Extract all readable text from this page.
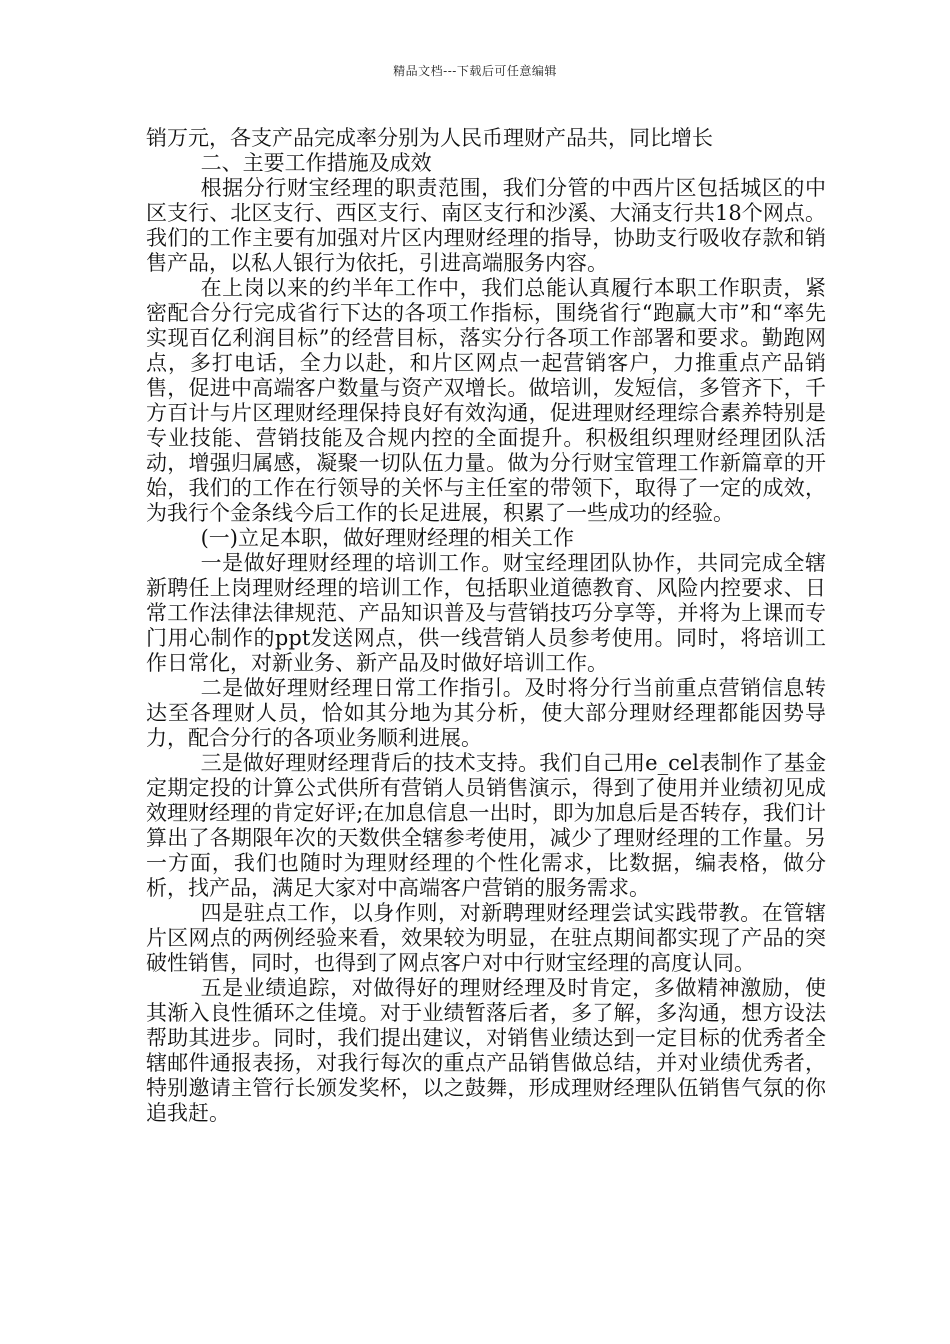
精品文档---下载后可任意编辑

销万元，各支产品完成率分别为人民币理财产品共，同比增长

二、主要工作措施及成效

根据分行财宝经理的职责范围，我们分管的中西片区包括城区的中区支行、北区支行、西区支行、南区支行和沙溪、大涌支行共18个网点。我们的工作主要有加强对片区内理财经理的指导，协助支行吸收存款和销售产品，以私人银行为依托，引进高端服务内容。

在上岗以来的约半年工作中，我们总能认真履行本职工作职责，紧密配合分行完成省行下达的各项工作指标，围绕省行“跑赢大市”和“率先实现百亿利润目标”的经营目标，落实分行各项工作部署和要求。勤跑网点，多打电话，全力以赴，和片区网点一起营销客户，力推重点产品销售，促进中高端客户数量与资产双增长。做培训，发短信，多管齐下，千方百计与片区理财经理保持良好有效沟通，促进理财经理综合素养特别是专业技能、营销技能及合规内控的全面提升。积极组织理财经理团队活动，增强归属感，凝聚一切队伍力量。做为分行财宝管理工作新篇章的开始，我们的工作在行领导的关怀与主任室的带领下，取得了一定的成效，为我行个金条线今后工作的长足进展，积累了一些成功的经验。

(一)立足本职，做好理财经理的相关工作

一是做好理财经理的培训工作。财宝经理团队协作，共同完成全辖新聘任上岗理财经理的培训工作，包括职业道德教育、风险内控要求、日常工作法律法律规范、产品知识普及与营销技巧分享等，并将为上课而专门用心制作的ppt发送网点，供一线营销人员参考使用。同时，将培训工作日常化，对新业务、新产品及时做好培训工作。

二是做好理财经理日常工作指引。及时将分行当前重点营销信息转达至各理财人员，恰如其分地为其分析，使大部分理财经理都能因势导力，配合分行的各项业务顺利进展。

三是做好理财经理背后的技术支持。我们自己用e_cel表制作了基金定期定投的计算公式供所有营销人员销售演示，得到了使用并业绩初见成效理财经理的肯定好评;在加息信息一出时，即为加息后是否转存，我们计算出了各期限年次的天数供全辖参考使用，减少了理财经理的工作量。另一方面，我们也随时为理财经理的个性化需求，比数据，编表格，做分析，找产品，满足大家对中高端客户营销的服务需求。

四是驻点工作，以身作则，对新聘理财经理尝试实践带教。在管辖片区网点的两例经验来看，效果较为明显，在驻点期间都实现了产品的突破性销售，同时，也得到了网点客户对中行财宝经理的高度认同。

五是业绩追踪，对做得好的理财经理及时肯定，多做精神激励，使其渐入良性循环之佳境。对于业绩暂落后者，多了解，多沟通，想方设法帮助其进步。同时，我们提出建议，对销售业绩达到一定目标的优秀者全辖邮件通报表扬，对我行每次的重点产品销售做总结，并对业绩优秀者，特别邀请主管行长颁发奖杯，以之鼓舞，形成理财经理队伍销售气氛的你追我赶。
